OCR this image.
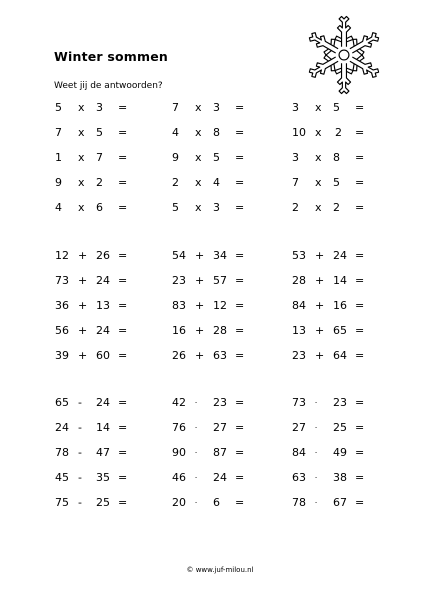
Winter sommen
Weet jij de antwoorden?
5 x 3 =
7 x 5 =
1 x 7 =
9 x 2 =
4 x 6 =
7 x 3 =
4 x 8 =
9 x 5 =
2 x 4 =
5 x 3 =
3 x 5 =
10 x 2 =
3 x 8 =
7 x 5 =
2 x 2 =
12 + 26 =
73 + 24 =
36 + 13 =
56 + 24 =
39 + 60 =
54 + 34 =
23 + 57 =
83 + 12 =
16 + 28 =
26 + 63 =
53 + 24 =
28 + 14 =
84 + 16 =
13 + 65 =
23 + 64 =
65 - 24 =
24 - 14 =
78 - 47 =
45 - 35 =
75 - 25 =
42 - 23 =
76 - 27 =
90 - 87 =
46 - 24 =
20 - 6 =
73 - 23 =
27 - 25 =
84 - 49 =
63 - 38 =
78 - 67 =
© www.juf-milou.nl
